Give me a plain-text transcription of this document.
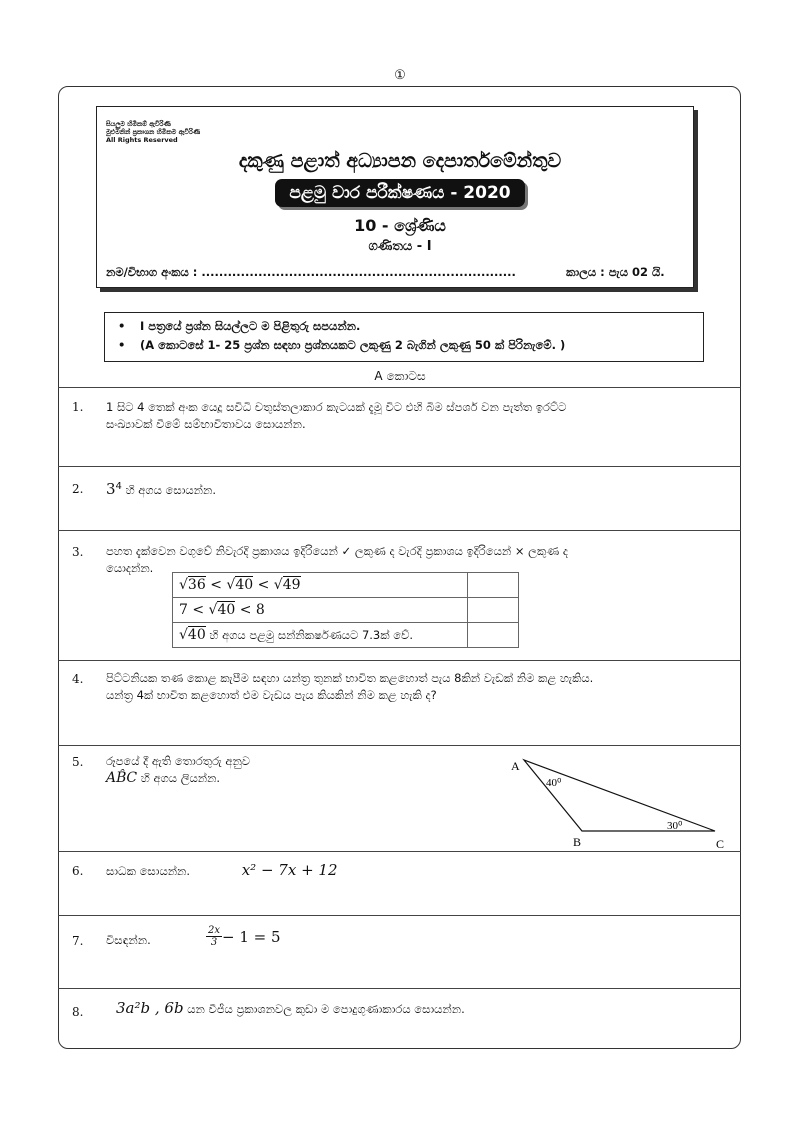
①
සියලුම හිමිකම් ඇවිරිණි
මුළුමනින් ප්‍රකාශන හිමිකම ඇවිරිණි
All Rights Reserved
දකුණු පළාත් අධ්‍යාපන දෙපාර්තමේන්තුව
පළමු වාර පරීක්ෂණය - 2020
10 - ශ්‍රේණිය
ගණිතය - I
නම/විභාග අංකය : ........................................................................	කාලය : පැය 02 යි.
• I පත්‍රයේ ප්‍රශ්න සියල්ලට ම පිළිතුරු සපයන්න.
• (A කොටසේ 1- 25 ප්‍රශ්න සඳහා ප්‍රශ්නයකට ලකුණු 2 බැගින් ලකුණු 50 ක් පිරිනැමේ. )
A කොටස
1. 1 සිට 4 තෙක් අංක යෙදූ සවිධි චතුස්තලාකාර කැටයක් දැමූ විට එහි බිම ස්පර්ශ වන පැත්ත ඉරට්ට
සංඛ්‍යාවක් වීමේ සම්භාවිතාවය සොයන්න.
2. $3^4$ හි අගය සොයන්න.
3. පහත දැක්වෙන වගුවේ නිවැරදි ප්‍රකාශය ඉදිරියෙන් ✓ ලකුණ ද වැරදි ප්‍රකාශය ඉදිරියෙන් × ලකුණ ද
යොදන්න.
√36 < √40 < √49	
7 < √40 < 8	
√40 හි අගය පළමු සන්නිකර්ෂණයට 7.3ක් වේ.	
4. පිට්ටනියක තණ කොළ කැපීම සඳහා යන්ත්‍ර තුනක් භාවිත කළහොත් පැය 8කින් වැඩක් නිම කළ හැකිය.
යන්ත්‍ර 4ක් භාවිත කළහොත් එම වැඩය පැය කියකින් නිම කළ හැකි ද?
5. රූපයේ දී ඇති තොරතුරු අනුව
AB̂C හි අගය ලියන්න.
A
B	C
40⁰
30⁰
6. සාධක සොයන්න.	x² − 7x + 12
7. විසඳන්න.	$\frac{2x}{3} - 1 = 5$
8. 3a²b , 6b යන වීජීය ප්‍රකාශනවල කුඩා ම පොදුගුණාකාරය සොයන්න.
